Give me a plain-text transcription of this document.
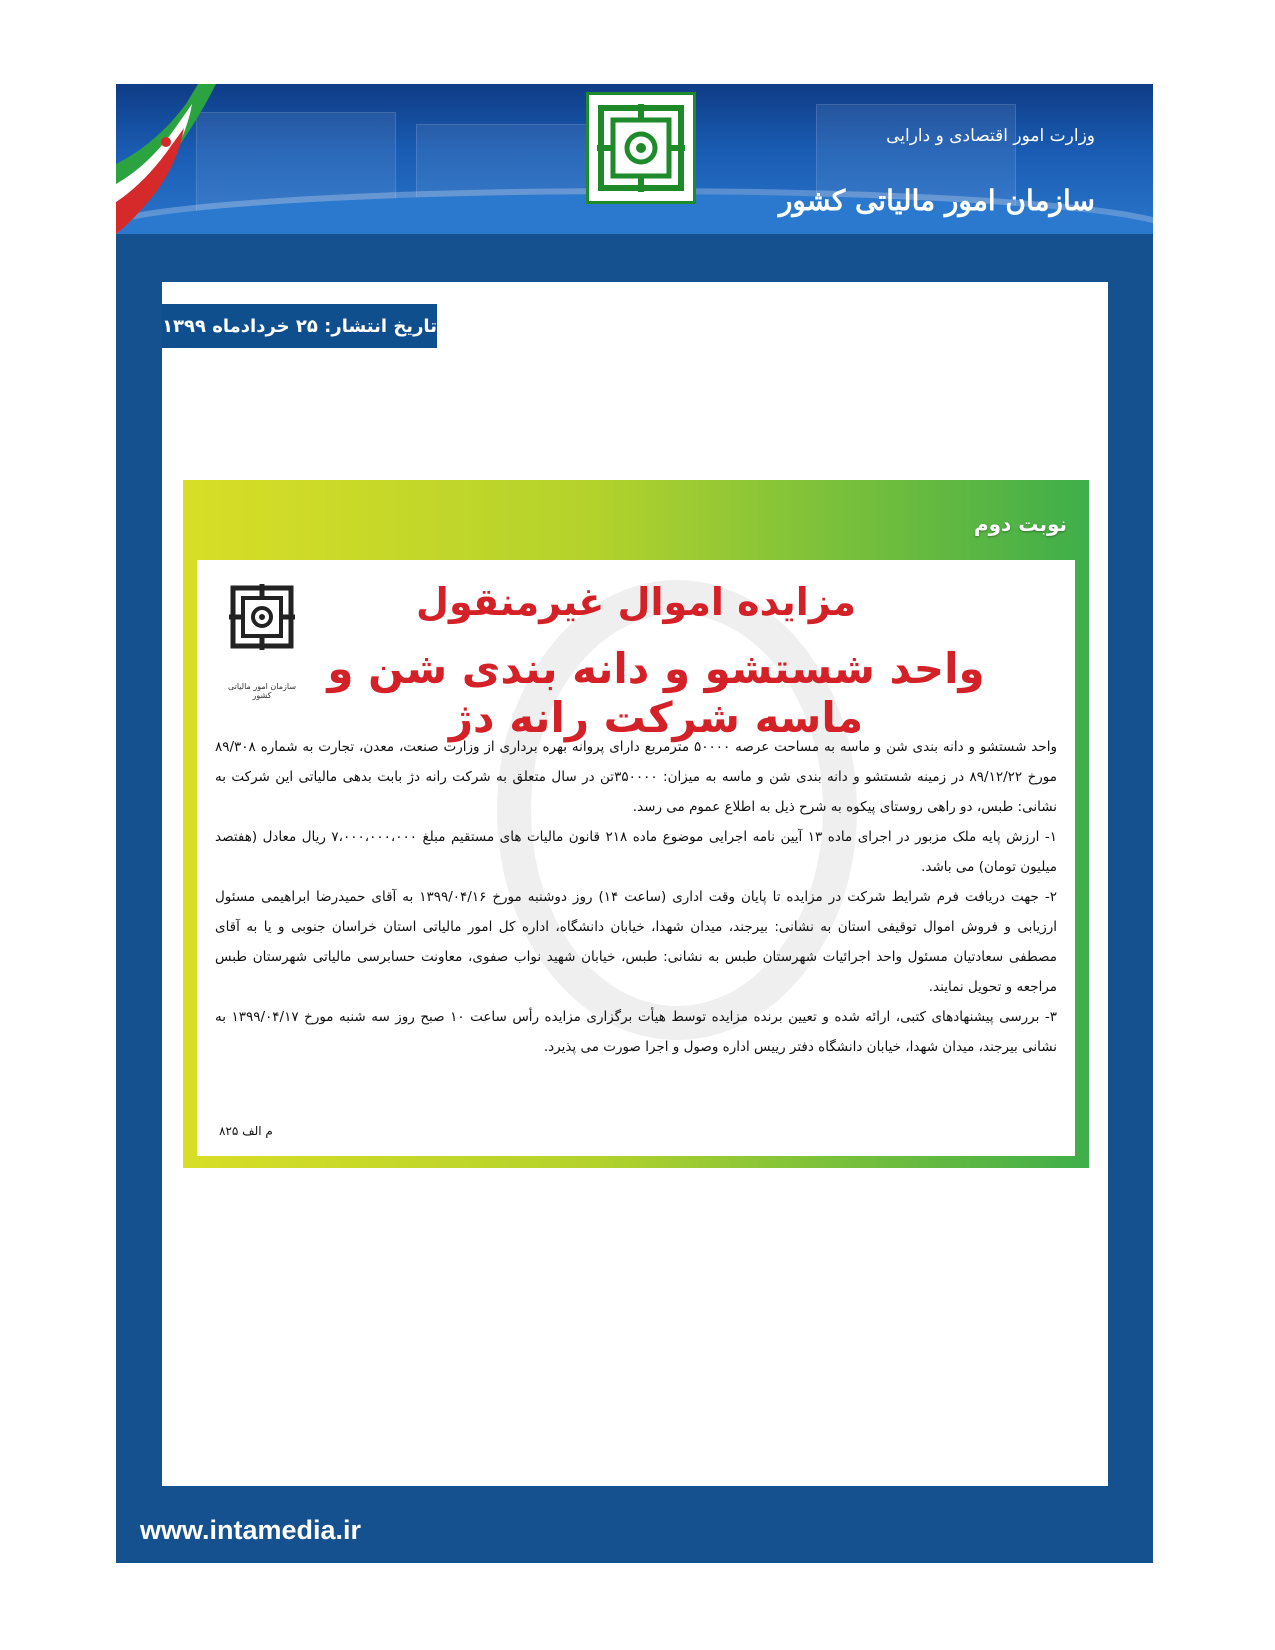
وزارت امور اقتصادی و دارایی
سازمان امور مالیاتی کشور
تاریخ انتشار: ۲۵ خردادماه ۱۳۹۹
نوبت دوم
سازمان امور مالیاتی کشور
مزایده اموال غیرمنقول
واحد شستشو و دانه بندی شن و ماسه شرکت رانه دژ

واحد شستشو و دانه بندی شن و ماسه به مساحت عرصه ۵۰۰۰۰ مترمربع دارای پروانه بهره برداری از وزارت صنعت، معدن، تجارت به شماره ۸۹/۳۰۸ مورخ ۸۹/۱۲/۲۲ در زمینه شستشو و دانه بندی شن و ماسه به میزان: ۳۵۰۰۰۰تن در سال متعلق به شرکت رانه دژ بابت بدهی مالیاتی این شرکت به نشانی: طبس، دو راهی روستای پیکوه به شرح ذیل به اطلاع عموم می رسد.

۱- ارزش پایه ملک مزبور در اجرای ماده ۱۳ آیین نامه اجرایی موضوع ماده ۲۱۸ قانون مالیات های مستقیم مبلغ ۷،۰۰۰،۰۰۰،۰۰۰ ریال معادل (هفتصد میلیون تومان) می باشد.

۲- جهت دریافت فرم شرایط شرکت در مزایده تا پایان وقت اداری (ساعت ۱۴) روز دوشنبه مورخ ۱۳۹۹/۰۴/۱۶ به آقای حمیدرضا ابراهیمی مسئول ارزیابی و فروش اموال توقیفی استان به نشانی: بیرجند، میدان شهدا، خیابان دانشگاه، اداره کل امور مالیاتی استان خراسان جنوبی و یا به آقای مصطفی سعادتیان مسئول واحد اجرائیات شهرستان طبس به نشانی: طبس، خیابان شهید نواب صفوی، معاونت حسابرسی مالیاتی شهرستان طبس مراجعه و تحویل نمایند.

۳- بررسی پیشنهادهای کتبی، ارائه شده و تعیین برنده مزایده توسط هیأت برگزاری مزایده رأس ساعت ۱۰ صبح روز سه شنبه مورخ ۱۳۹۹/۰۴/۱۷ به نشانی بیرجند، میدان شهدا، خیابان دانشگاه دفتر رییس اداره وصول و اجرا صورت می پذیرد.

م الف ۸۲۵
www.intamedia.ir
